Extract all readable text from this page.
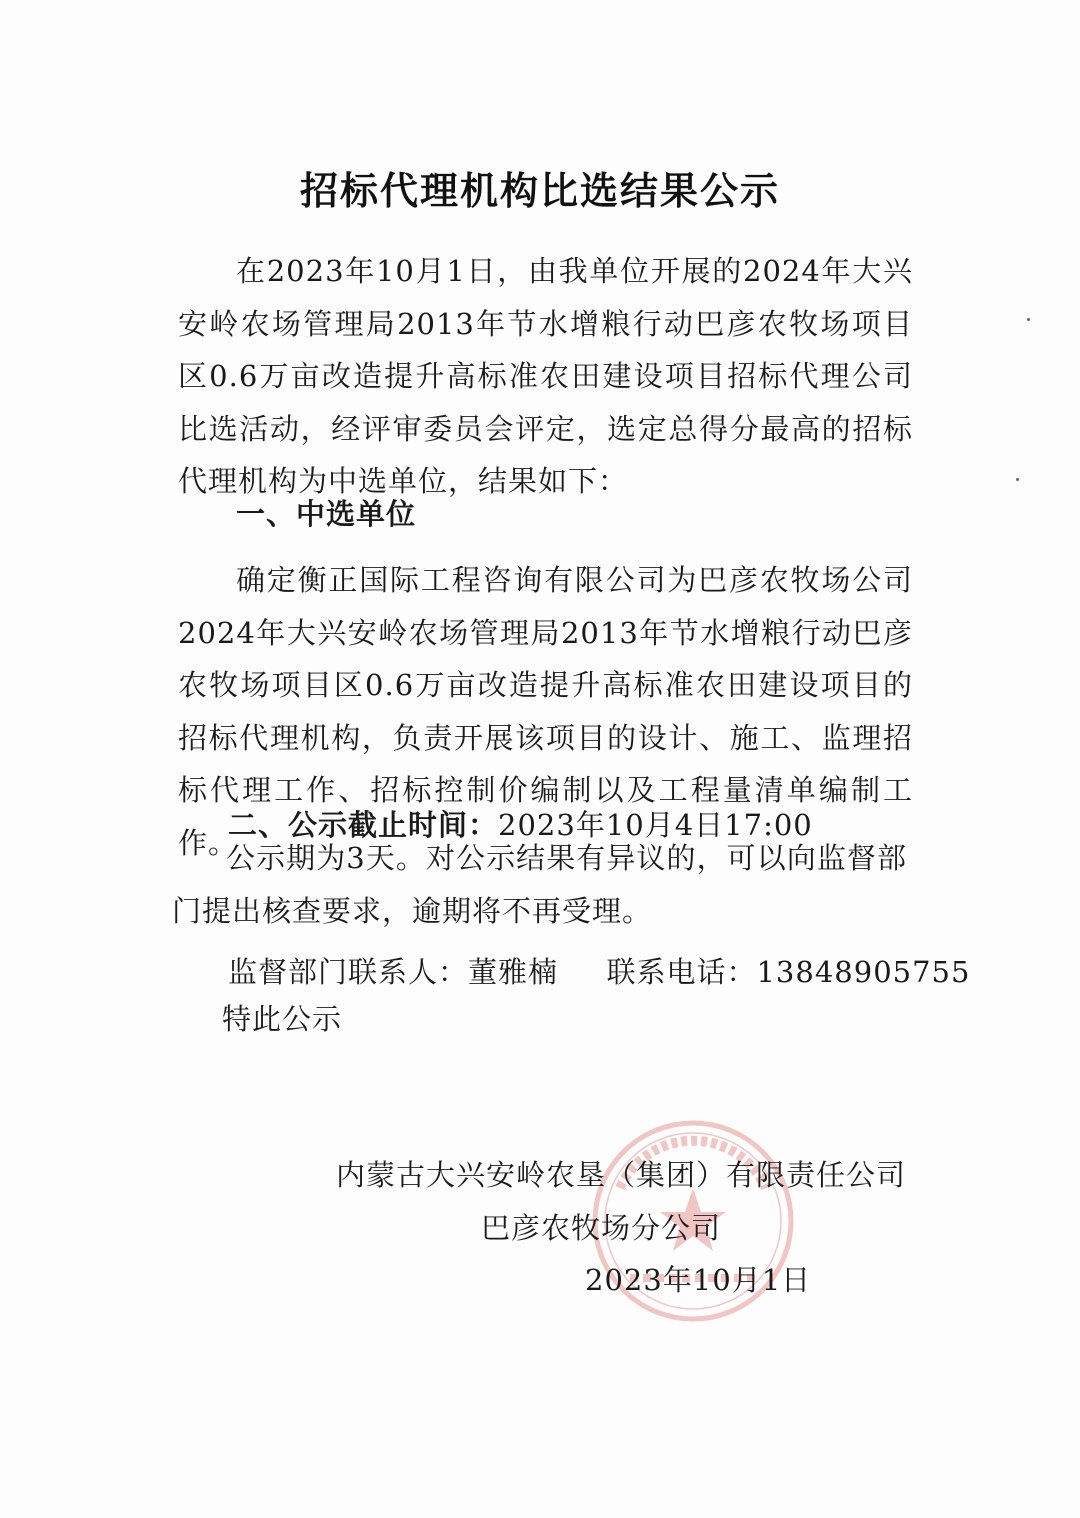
招标代理机构比选结果公示
在2023年10月1日，由我单位开展的2024年大兴安岭农场管理局2013年节水增粮行动巴彦农牧场项目区0.6万亩改造提升高标准农田建设项目招标代理公司比选活动，经评审委员会评定，选定总得分最高的招标代理机构为中选单位，结果如下：
一、中选单位
确定衡正国际工程咨询有限公司为巴彦农牧场公司2024年大兴安岭农场管理局2013年节水增粮行动巴彦农牧场项目区0.6万亩改造提升高标准农田建设项目的招标代理机构，负责开展该项目的设计、施工、监理招标代理工作、招标控制价编制以及工程量清单编制工作。
二、公示截止时间：2023年10月4日17:00
公示期为3天。对公示结果有异议的，可以向监督部门提出核查要求，逾期将不再受理。
监督部门联系人：董雅楠 联系电话：13848905755
特此公示
内蒙古大兴安岭农垦（集团）有限责任公司
巴彦农牧场分公司
2023年10月1日
